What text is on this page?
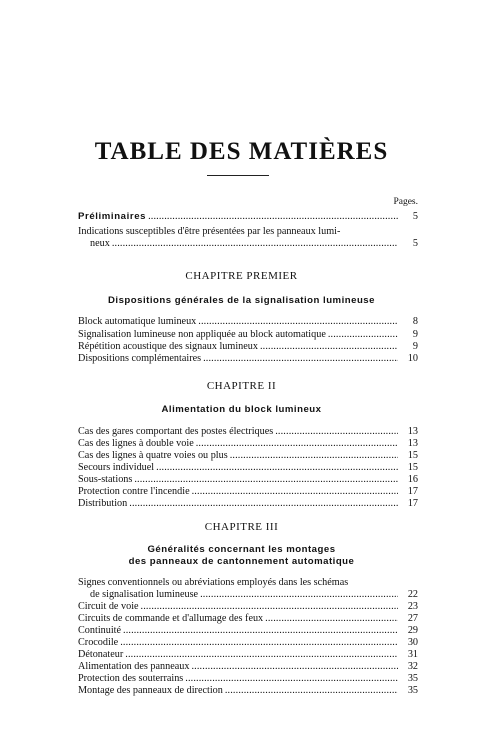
TABLE DES MATIÈRES
Pages.
Préliminaires . . .	5
Indications susceptibles d'être présentées par les panneaux lumi-
neux . . .	5
CHAPITRE PREMIER
Dispositions générales de la signalisation lumineuse
Block automatique lumineux . . .	8
Signalisation lumineuse non appliquée au block automatique . . .	9
Répétition acoustique des signaux lumineux . . .	9
Dispositions complémentaires . . .	10
CHAPITRE II
Alimentation du block lumineux
Cas des gares comportant des postes électriques . . .	13
Cas des lignes à double voie . . .	13
Cas des lignes à quatre voies ou plus . . .	15
Secours individuel . . .	15
Sous-stations . . .	16
Protection contre l'incendie . . .	17
Distribution . . .	17
CHAPITRE III
Généralités concernant les montages
des panneaux de cantonnement automatique
Signes conventionnels ou abréviations employés dans les schémas
de signalisation lumineuse . . .	22
Circuit de voie . . .	23
Circuits de commande et d'allumage des feux . . .	27
Continuité . . .	29
Crocodile . . .	30
Détonateur . . .	31
Alimentation des panneaux . . .	32
Protection des souterrains . . .	35
Montage des panneaux de direction . . .	35
